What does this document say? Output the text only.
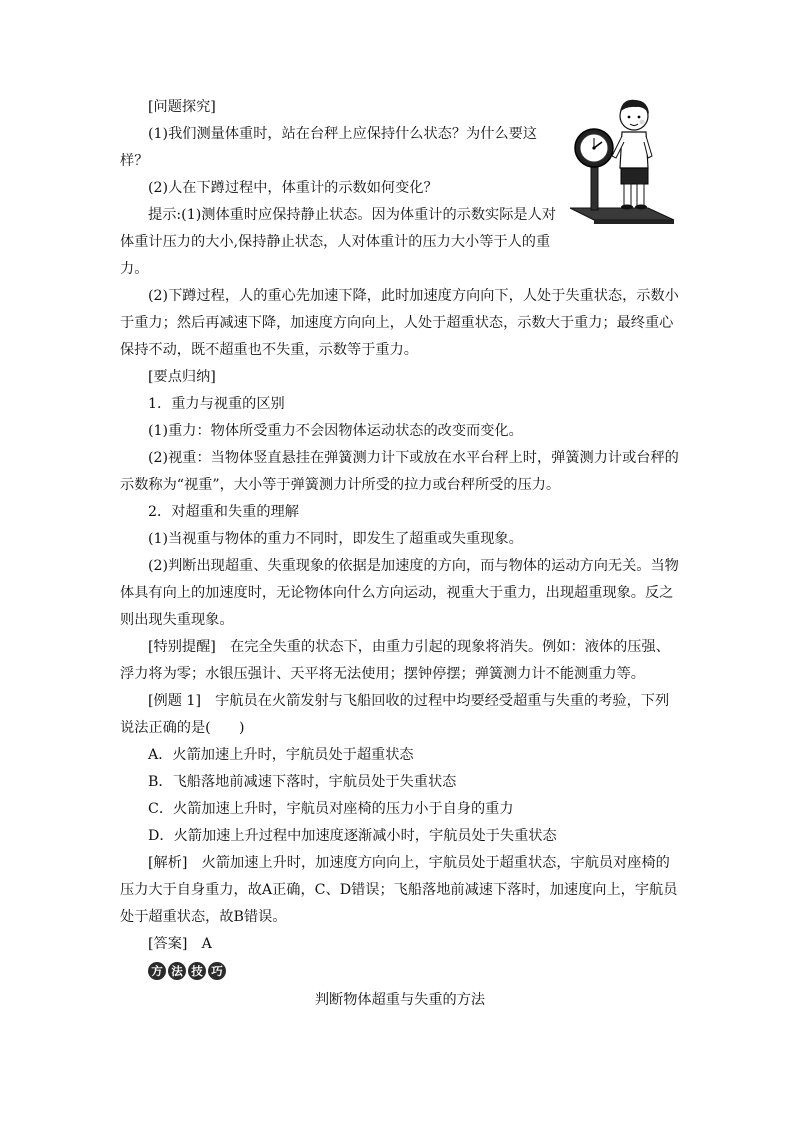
[问题探究]

(1)我们测量体重时，站在台秤上应保持什么状态？为什么要这样？

(2)人在下蹲过程中，体重计的示数如何变化？

提示:(1)测体重时应保持静止状态。因为体重计的示数实际是人对体重计压力的大小,保持静止状态，人对体重计的压力大小等于人的重力。

(2)下蹲过程，人的重心先加速下降，此时加速度方向向下，人处于失重状态，示数小于重力；然后再减速下降，加速度方向向上，人处于超重状态，示数大于重力；最终重心保持不动，既不超重也不失重，示数等于重力。

[要点归纳]

1．重力与视重的区别

(1)重力：物体所受重力不会因物体运动状态的改变而变化。

(2)视重：当物体竖直悬挂在弹簧测力计下或放在水平台秤上时，弹簧测力计或台秤的示数称为“视重”，大小等于弹簧测力计所受的拉力或台秤所受的压力。

2．对超重和失重的理解

(1)当视重与物体的重力不同时，即发生了超重或失重现象。

(2)判断出现超重、失重现象的依据是加速度的方向，而与物体的运动方向无关。当物体具有向上的加速度时，无论物体向什么方向运动，视重大于重力，出现超重现象。反之则出现失重现象。

[特别提醒]　在完全失重的状态下，由重力引起的现象将消失。例如：液体的压强、浮力将为零；水银压强计、天平将无法使用；摆钟停摆；弹簧测力计不能测重力等。

[例题 1]　宇航员在火箭发射与飞船回收的过程中均要经受超重与失重的考验，下列说法正确的是(　　)

A．火箭加速上升时，宇航员处于超重状态

B．飞船落地前减速下落时，宇航员处于失重状态

C．火箭加速上升时，宇航员对座椅的压力小于自身的重力

D．火箭加速上升过程中加速度逐渐减小时，宇航员处于失重状态

[解析]　火箭加速上升时，加速度方向向上，宇航员处于超重状态，宇航员对座椅的压力大于自身重力，故A正确，C、D错误；飞船落地前减速下落时，加速度向上，宇航员处于超重状态，故B错误。

[答案]　A

方 法 技 巧

判断物体超重与失重的方法
